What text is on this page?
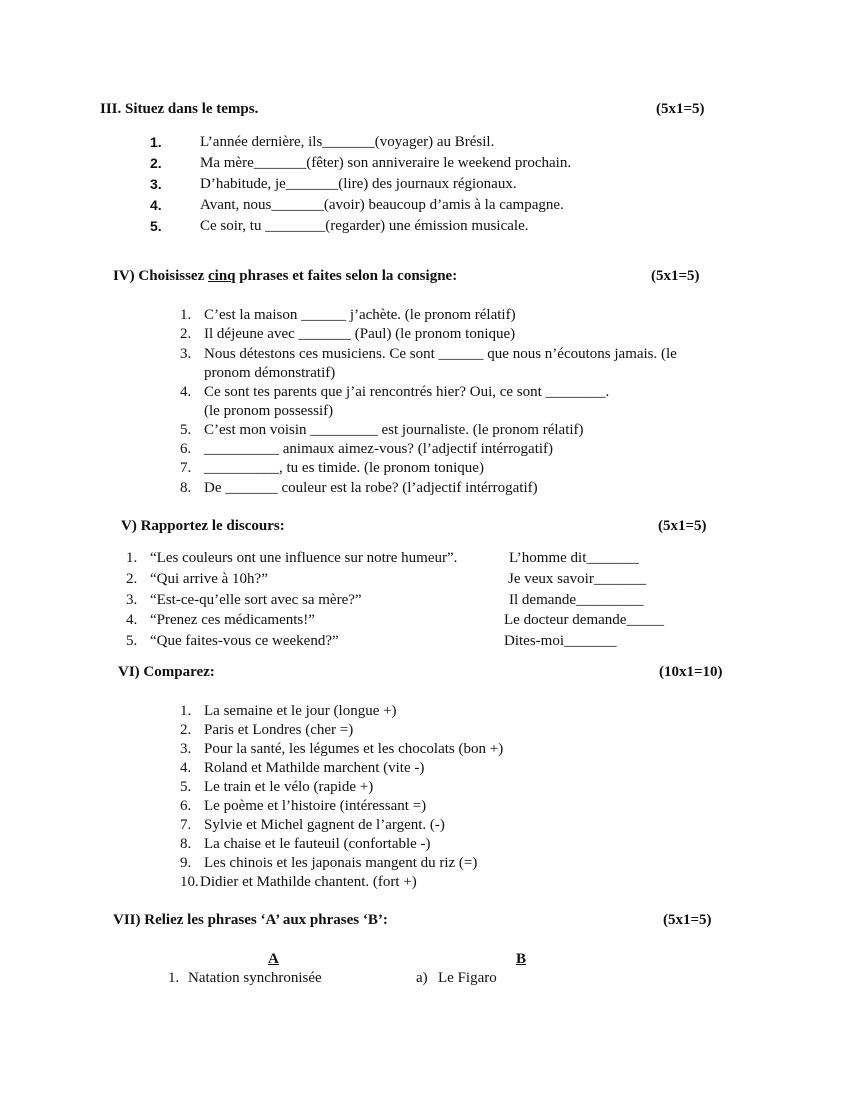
III. Situez dans le temps.	(5x1=5)
1.	L’année dernière, ils_______(voyager) au Brésil.
2.	Ma mère_______(fêter) son anniveraire le weekend prochain.
3.	D’habitude, je_______(lire) des journaux régionaux.
4.	Avant, nous_______(avoir) beaucoup d’amis à la campagne.
5.	Ce soir, tu ________(regarder) une émission musicale.
IV) Choisissez cinq phrases et faites selon la consigne:	(5x1=5)
1. C’est la maison ______ j’achète. (le pronom rélatif)
2. Il déjeune avec _______ (Paul) (le pronom tonique)
3. Nous détestons ces musiciens. Ce sont ______ que nous n’écoutons jamais. (le
pronom démonstratif)
4. Ce sont tes parents que j’ai rencontrés hier? Oui, ce sont ________.
(le pronom possessif)
5. C’est mon voisin _________ est journaliste. (le pronom rélatif)
6. __________ animaux aimez-vous? (l’adjectif intérrogatif)
7. __________, tu es timide. (le pronom tonique)
8. De _______ couleur est la robe? (l’adjectif intérrogatif)
V) Rapportez le discours:	(5x1=5)
1. “Les couleurs ont une influence sur notre humeur”.	L’homme dit_______
2. “Qui arrive à 10h?”	Je veux savoir_______
3. “Est-ce-qu’elle sort avec sa mère?”	Il demande_________
4. “Prenez ces médicaments!”	Le docteur demande_____
5. “Que faites-vous ce weekend?”	Dites-moi_______
VI) Comparez:	(10x1=10)
1. La semaine et le jour (longue +)
2. Paris et Londres (cher =)
3. Pour la santé, les légumes et les chocolats (bon +)
4. Roland et Mathilde marchent (vite -)
5. Le train et le vélo (rapide +)
6. Le poème et l’histoire (intéressant =)
7. Sylvie et Michel gagnent de l’argent. (-)
8. La chaise et le fauteuil (confortable -)
9. Les chinois et les japonais mangent du riz (=)
10. Didier et Mathilde chantent. (fort +)
VII) Reliez les phrases ‘A’ aux phrases ‘B’:	(5x1=5)
A	B
1. Natation synchronisée	a) Le Figaro
